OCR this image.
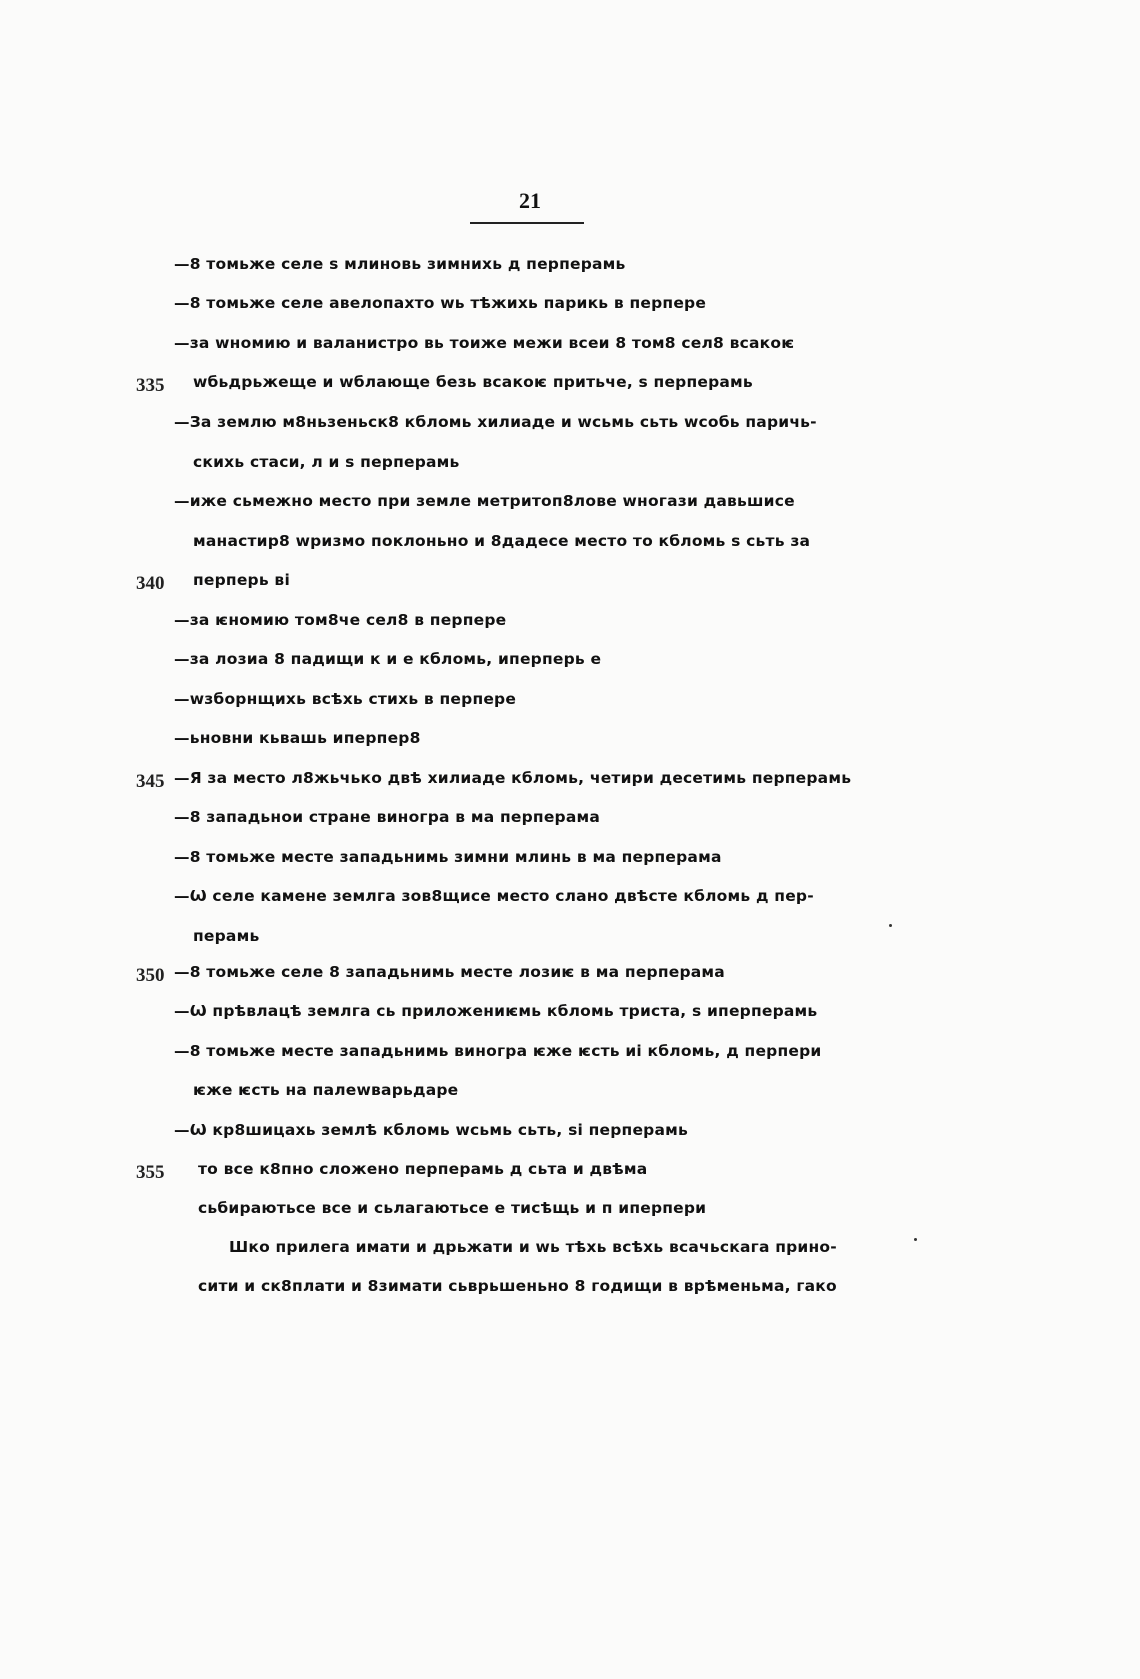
21
—8 томьже селе ѕ млиновь зимнихь д перперамь
—8 томьже селе авелопахто wь тѣжихь парикь в перпере
—за wномию и валанистро вь тоиже межи всеи 8 том8 сел8 всакоѥ
335 wбьдрьжеще и wблающе безь всакоѥ притьче, ѕ перперамь
—За землю м8ньзеньск8 кбломь хилиаде и wсьмь сьть wсобь паричь-
скихь стаси, л и ѕ перперамь
—иже сьмежно место при земле метритоп8лове wногази давьшисе
манастир8 wризмо поклоньно и 8дадесе место то кбломь ѕ сьть за
340 перперь ві
—за ѥномию том8че сел8 в перпере
—за лозиа 8 падищи к и е кбломь, иперперь е
—wзборнщихь всѣхь стихь в перпере
—ьновни кьвашь иперпер8
345 —Я за место л8жьчько двѣ хилиаде кбломь, четири десетимь перперамь
—8 западьнои стране виногра в ма перперама
—8 томьже месте западьнимь зимни млинь в ма перперама
—Ѡ селе камене землга зов8щисе место слано двѣсте кбломь д пер-
перамь
350 —8 томьже селе 8 западьнимь месте лозиѥ в ма перперама
—Ѡ прѣвлацѣ землга сь приложениѥмь кбломь триста, ѕ иперперамь
—8 томьже месте западьнимь виногра ѥже ѥсть иі кбломь, д перпери
ѥже ѥсть на палеwварьдаре
—Ѡ кр8шицахь землѣ кбломь wсьмь сьть, ѕі перперамь
355 то все к8пно сложено перперамь д сьта и двѣма
сьбираютьсе все и сьлагаютьсе е тисѣщь и п иперпери
Шко прилега имати и дрьжати и wь тѣхь всѣхь всачьскага прино-
сити и ск8плати и 8зимати сьврьшеньно 8 годищи в врѣменьма, гако
